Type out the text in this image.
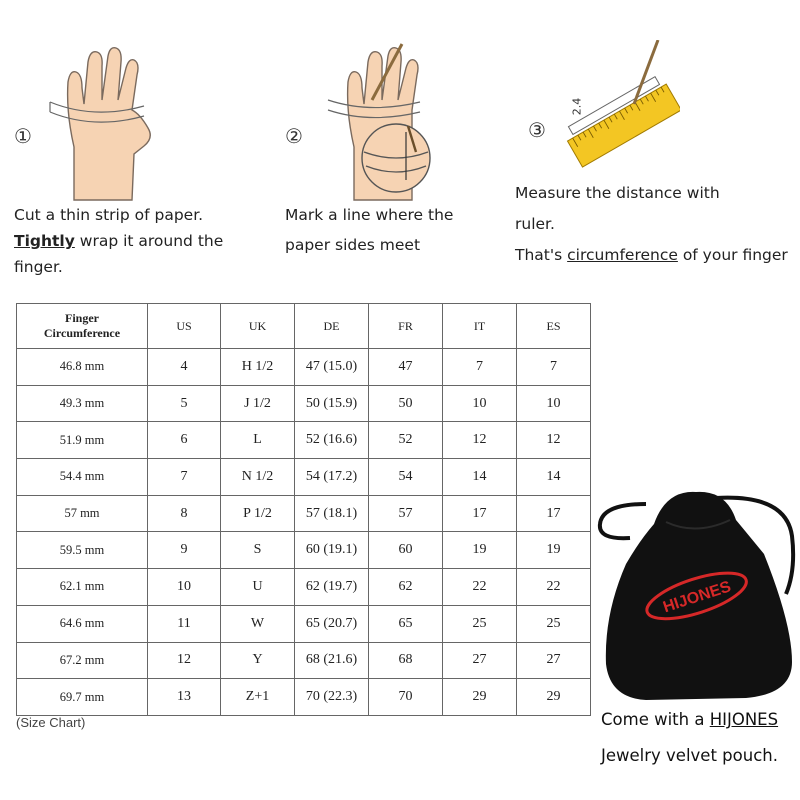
①
Cut a thin strip of paper.
Tightly wrap it around the
finger.
②
Mark a line where the
paper sides meet
2.4
③
Measure the distance with
ruler.
That's circumference of your finger
Finger
Circumference	US	UK	DE	FR	IT	ES
46.8 mm	4	H 1/2	47 (15.0)	47	7	7
49.3 mm	5	J 1/2	50 (15.9)	50	10	10
51.9 mm	6	L	52 (16.6)	52	12	12
54.4 mm	7	N 1/2	54 (17.2)	54	14	14
57 mm	8	P 1/2	57 (18.1)	57	17	17
59.5 mm	9	S	60 (19.1)	60	19	19
62.1 mm	10	U	62 (19.7)	62	22	22
64.6 mm	11	W	65 (20.7)	65	25	25
67.2 mm	12	Y	68 (21.6)	68	27	27
69.7 mm	13	Z+1	70 (22.3)	70	29	29
(Size Chart)
HIJONES
Come with a HIJONES
Jewelry velvet pouch.
